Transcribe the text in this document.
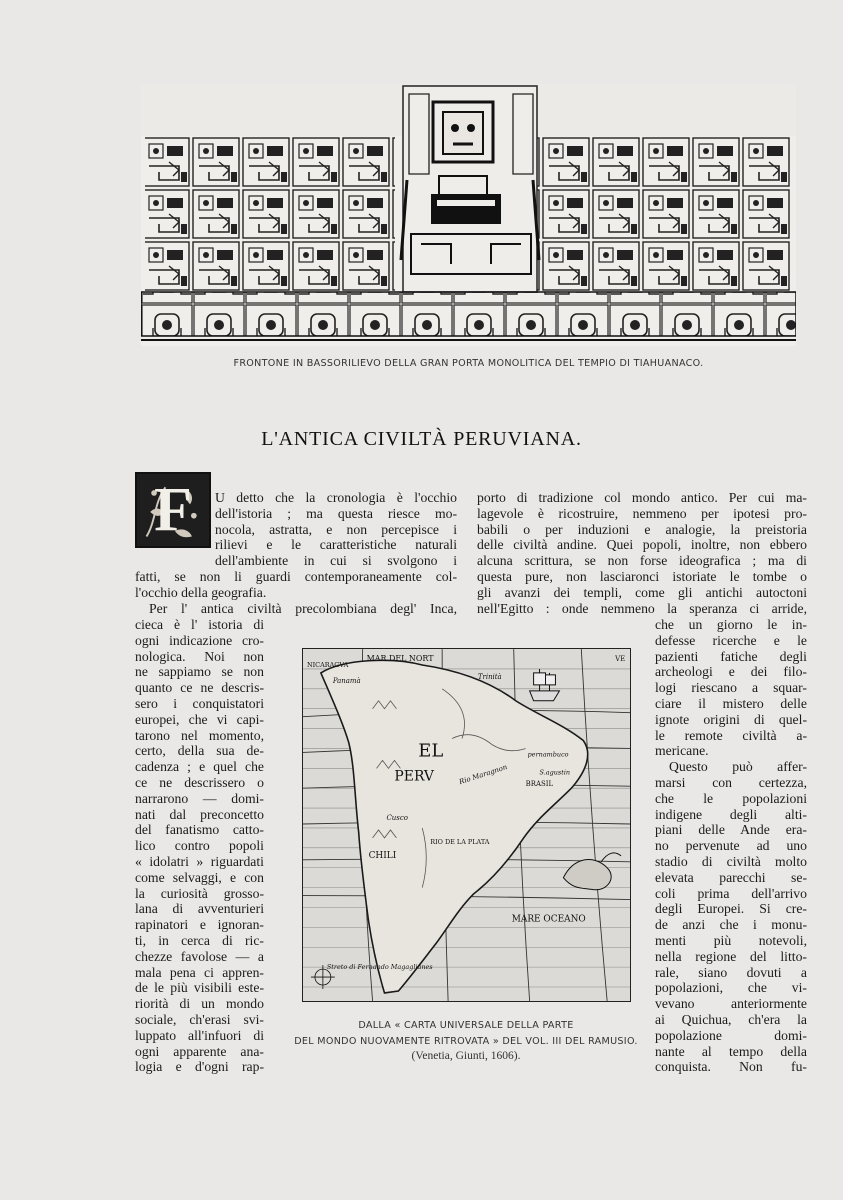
FRONTONE IN BASSORILIEVO DELLA GRAN PORTA MONOLITICA DEL TEMPIO DI TIAHUANACO.
L'ANTICA CIVILTÀ PERUVIANA.
F	U detto che la cronologia è l'occhio
dell'istoria ; ma questa riesce mo-
nocola, astratta, e non percepisce i
rilievi e le caratteristiche naturali
dell'ambiente in cui si svolgono i
fatti, se non li guardi contemporaneamente col-
l'occhio della geografia.
Per l' antica civiltà precolombiana degl' Inca,
cieca è l' istoria di
ogni indicazione cro-
nologica. Noi non
ne sappiamo se non
quanto ce ne descris-
sero i conquistatori
europei, che vi capi-
tarono nel momento,
certo, della sua de-
cadenza ; e quel che
ce ne descrissero o
narrarono — domi-
nati dal preconcetto
del fanatismo catto-
lico contro popoli
« idolatri » riguardati
come selvaggi, e con
la curiosità grosso-
lana di avventurieri
rapinatori e ignoran-
ti, in cerca di ric-
chezze favolose — a
mala pena ci appren-
de le più visibili este-
riorità di un mondo
sociale, ch'erasi svi-
luppato all'infuori di
ogni apparente ana-
logia e d'ogni rap-
porto di tradizione col mondo antico. Per cui ma-
lagevole è ricostruire, nemmeno per ipotesi pro-
babili o per induzioni e analogie, la preistoria
delle civiltà andine. Quei popoli, inoltre, non ebbero
alcuna scrittura, se non forse ideografica ; ma di
questa pure, non lasciaronci istoriate le tombe o
gli avanzi dei templi, come gli antichi autoctoni
nell'Egitto : onde nemmeno la speranza ci arride,
che un giorno le in-
defesse ricerche e le
pazienti fatiche degli
archeologi e dei filo-
logi riescano a squar-
ciare il mistero delle
ignote origini di quel-
le remote civiltà a-
mericane.
Questo può affer-
marsi con certezza,
che le popolazioni
indigene degli alti-
piani delle Ande era-
no pervenute ad uno
stadio di civiltà molto
elevata parecchi se-
coli prima dell'arrivo
degli Europei. Si cre-
de anzi che i monu-
menti più notevoli,
nella regione del litto-
rale, siano dovuti a
popolazioni, che vi-
vevano anteriormente
ai Quichua, ch'era la
popolazione domi-
nante al tempo della
conquista. Non fu-
MAR DEL NORT
NICARAGVA
Panamà	Trinità
VE
EL
PERV	Rio Maragnon
pernambuco
S.agustin
BRASIL
Cusco
CHILI
RIO DE LA PLATA
MARE OCEANO
Streto di Fernando Magaglianes
DALLA « CARTA UNIVERSALE DELLA PARTE
DEL MONDO NUOVAMENTE RITROVATA » DEL VOL. III DEL RAMUSIO.
(Venetia, Giunti, 1606).
